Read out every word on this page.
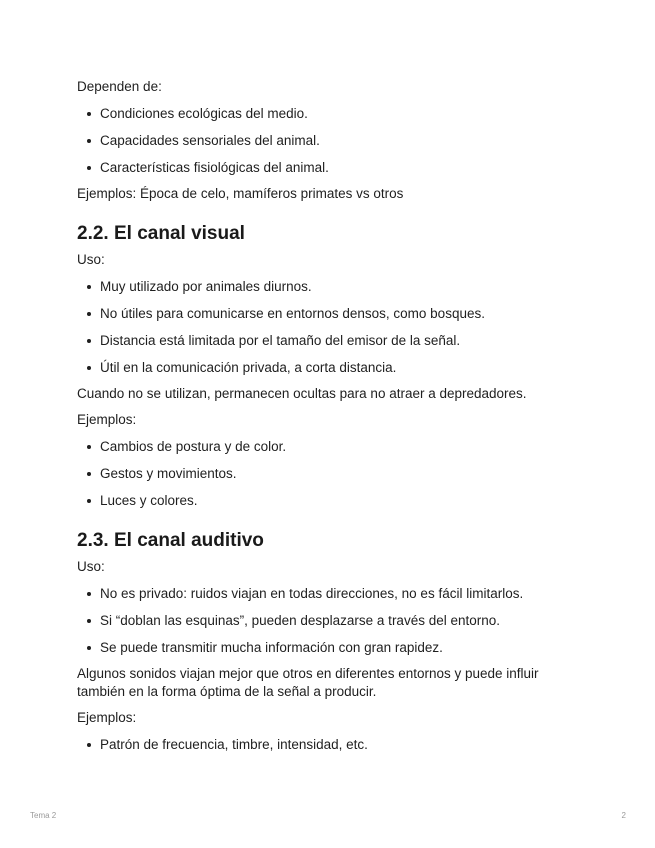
Dependen de:

Condiciones ecológicas del medio.
Capacidades sensoriales del animal.
Características fisiológicas del animal.

Ejemplos: Época de celo, mamíferos primates vs otros

2.2. El canal visual

Uso:

Muy utilizado por animales diurnos.
No útiles para comunicarse en entornos densos, como bosques.
Distancia está limitada por el tamaño del emisor de la señal.
Útil en la comunicación privada, a corta distancia.

Cuando no se utilizan, permanecen ocultas para no atraer a depredadores.

Ejemplos:

Cambios de postura y de color.
Gestos y movimientos.
Luces y colores.
2.3. El canal auditivo

Uso:

No es privado: ruidos viajan en todas direcciones, no es fácil limitarlos.
Si “doblan las esquinas”, pueden desplazarse a través del entorno.
Se puede transmitir mucha información con gran rapidez.

Algunos sonidos viajan mejor que otros en diferentes entornos y puede influir también en la forma óptima de la señal a producir.

Ejemplos:

Patrón de frecuencia, timbre, intensidad, etc.
Tema 2	2
